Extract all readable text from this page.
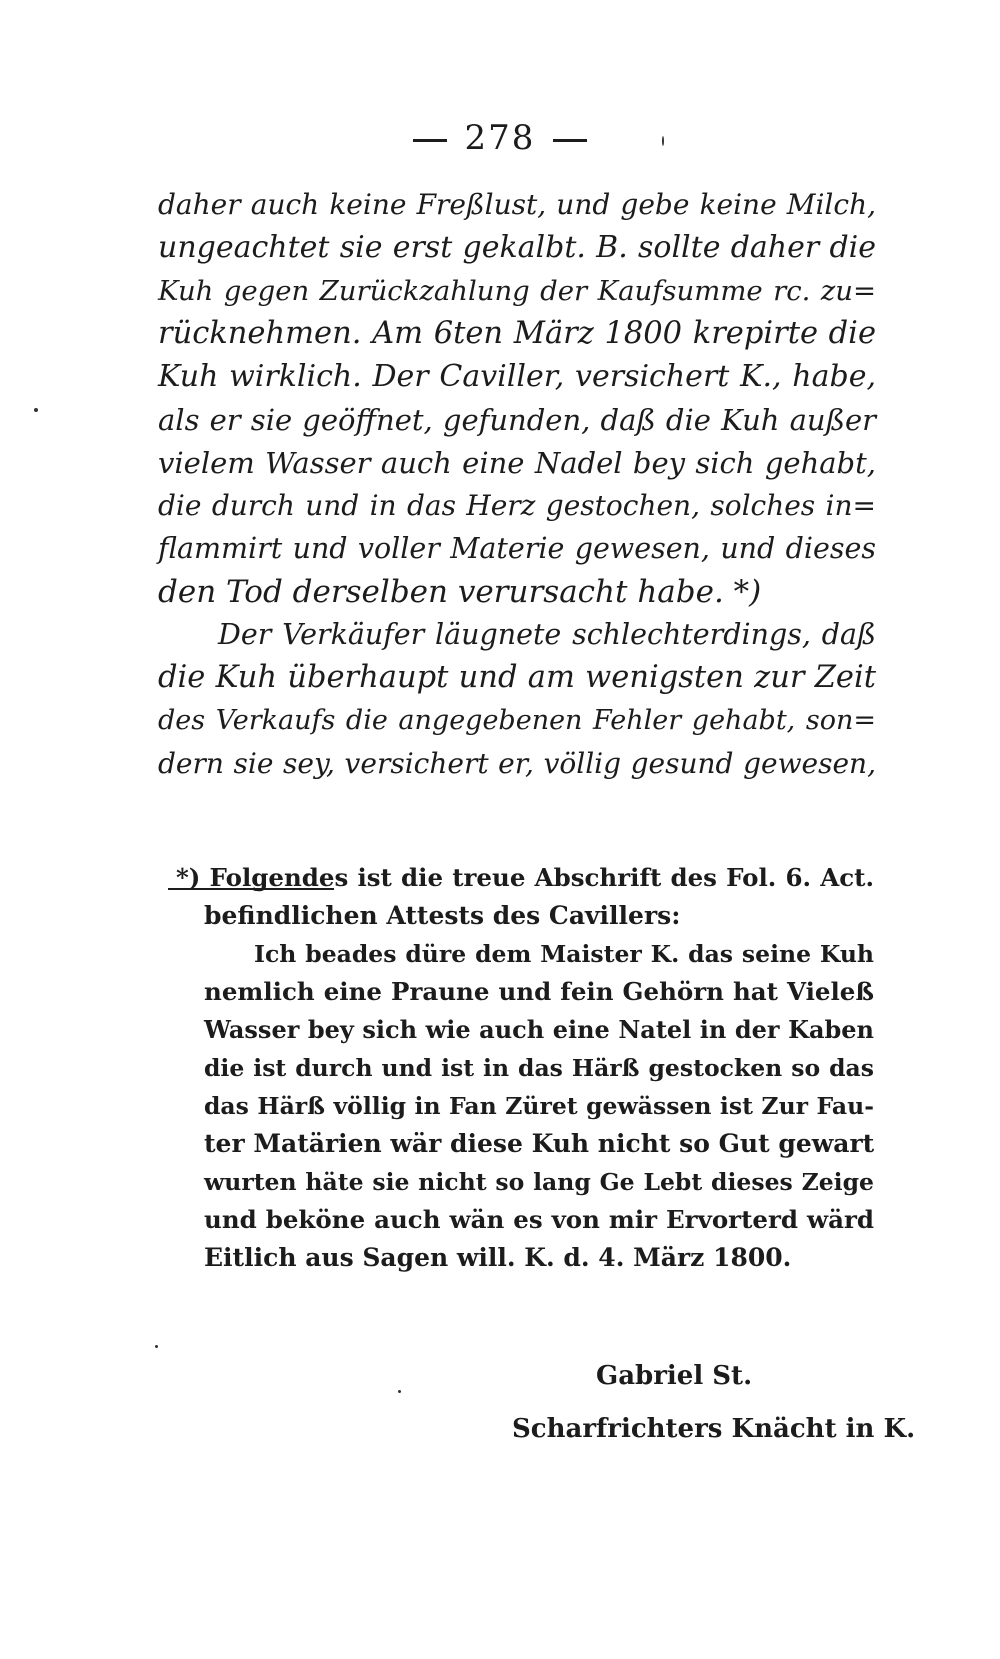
278
daher auch keine Freßlust, und gebe keine Milch,
ungeachtet sie erst gekalbt. B. sollte daher die
Kuh gegen Zurückzahlung der Kaufsumme rc. zu=
rücknehmen. Am 6ten März 1800 krepirte die
Kuh wirklich. Der Caviller, versichert K., habe,
als er sie geöffnet, gefunden, daß die Kuh außer
vielem Wasser auch eine Nadel bey sich gehabt,
die durch und in das Herz gestochen, solches in=
flammirt und voller Materie gewesen, und dieses
den Tod derselben verursacht habe. *)
Der Verkäufer läugnete schlechterdings, daß
die Kuh überhaupt und am wenigsten zur Zeit
des Verkaufs die angegebenen Fehler gehabt, son=
dern sie sey, versichert er, völlig gesund gewesen,
*) Folgendes ist die treue Abschrift des Fol. 6. Act.
befindlichen Attests des Cavillers:
Ich beades düre dem Maister K. das seine Kuh
nemlich eine Praune und fein Gehörn hat Vieleß
Wasser bey sich wie auch eine Natel in der Kaben
die ist durch und ist in das Härß gestocken so das
das Härß völlig in Fan Züret gewässen ist Zur Fau-
ter Matärien wär diese Kuh nicht so Gut gewart
wurten häte sie nicht so lang Ge Lebt dieses Zeige
und beköne auch wän es von mir Ervorterd wärd
Eitlich aus Sagen will. K. d. 4. März 1800.
Gabriel St.
Scharfrichters Knächt in K.
